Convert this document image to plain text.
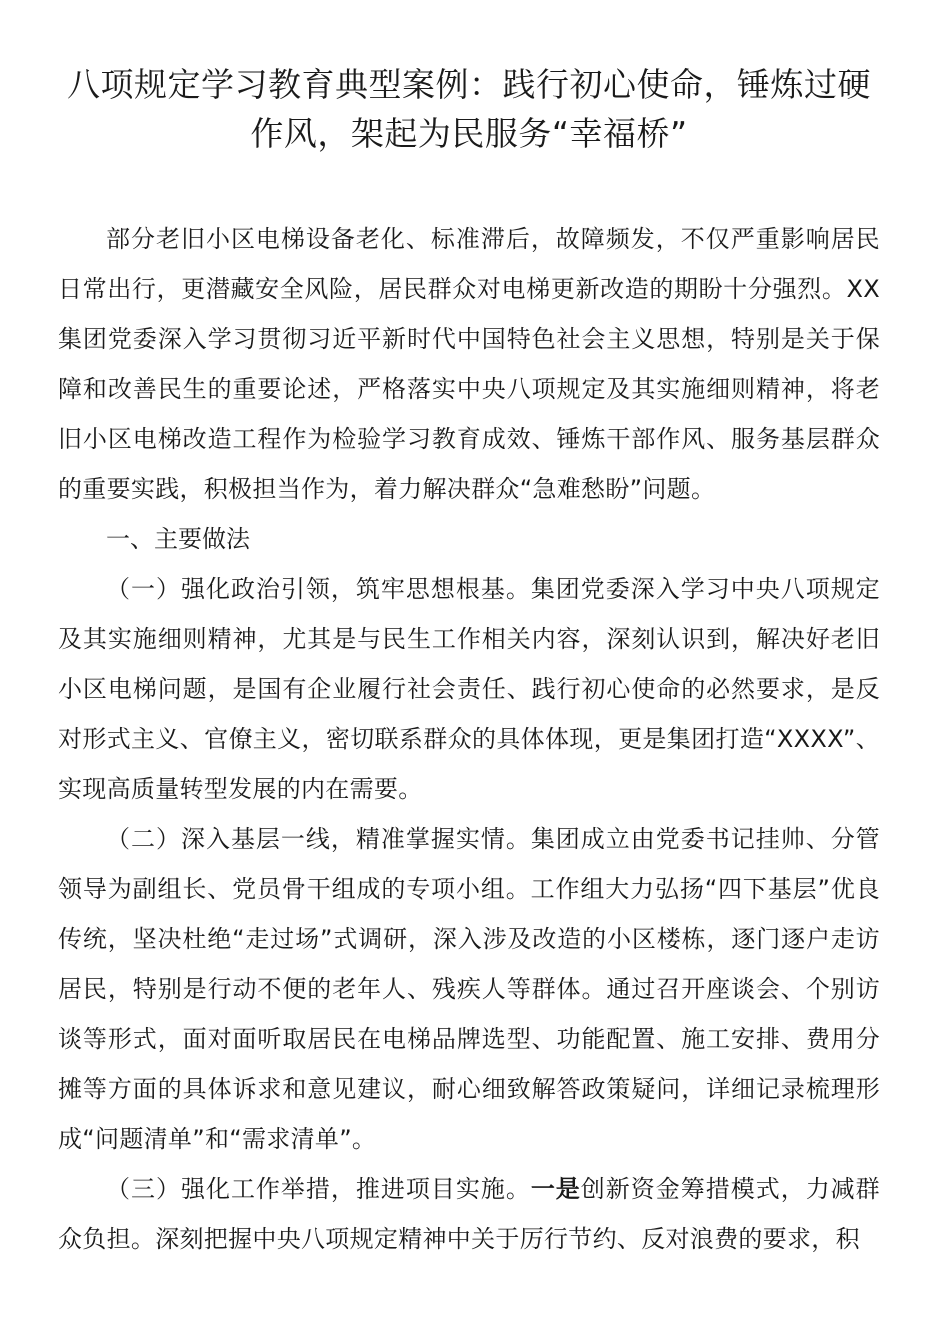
八项规定学习教育典型案例：践行初心使命，锤炼过硬作风，架起为民服务“幸福桥”

部分老旧小区电梯设备老化、标准滞后，故障频发，不仅严重影响居民日常出行，更潜藏安全风险，居民群众对电梯更新改造的期盼十分强烈。XX集团党委深入学习贯彻习近平新时代中国特色社会主义思想，特别是关于保障和改善民生的重要论述，严格落实中央八项规定及其实施细则精神，将老旧小区电梯改造工程作为检验学习教育成效、锤炼干部作风、服务基层群众的重要实践，积极担当作为，着力解决群众“急难愁盼”问题。

一、主要做法

（一）强化政治引领，筑牢思想根基。集团党委深入学习中央八项规定及其实施细则精神，尤其是与民生工作相关内容，深刻认识到，解决好老旧小区电梯问题，是国有企业履行社会责任、践行初心使命的必然要求，是反对形式主义、官僚主义，密切联系群众的具体体现，更是集团打造“XXXX”、实现高质量转型发展的内在需要。

（二）深入基层一线，精准掌握实情。集团成立由党委书记挂帅、分管领导为副组长、党员骨干组成的专项小组。工作组大力弘扬“四下基层”优良传统，坚决杜绝“走过场”式调研，深入涉及改造的小区楼栋，逐门逐户走访居民，特别是行动不便的老年人、残疾人等群体。通过召开座谈会、个别访谈等形式，面对面听取居民在电梯品牌选型、功能配置、施工安排、费用分摊等方面的具体诉求和意见建议，耐心细致解答政策疑问，详细记录梳理形成“问题清单”和“需求清单”。

（三）强化工作举措，推进项目实施。一是创新资金筹措模式，力减群众负担。深刻把握中央八项规定精神中关于厉行节约、反对浪费的要求，积
